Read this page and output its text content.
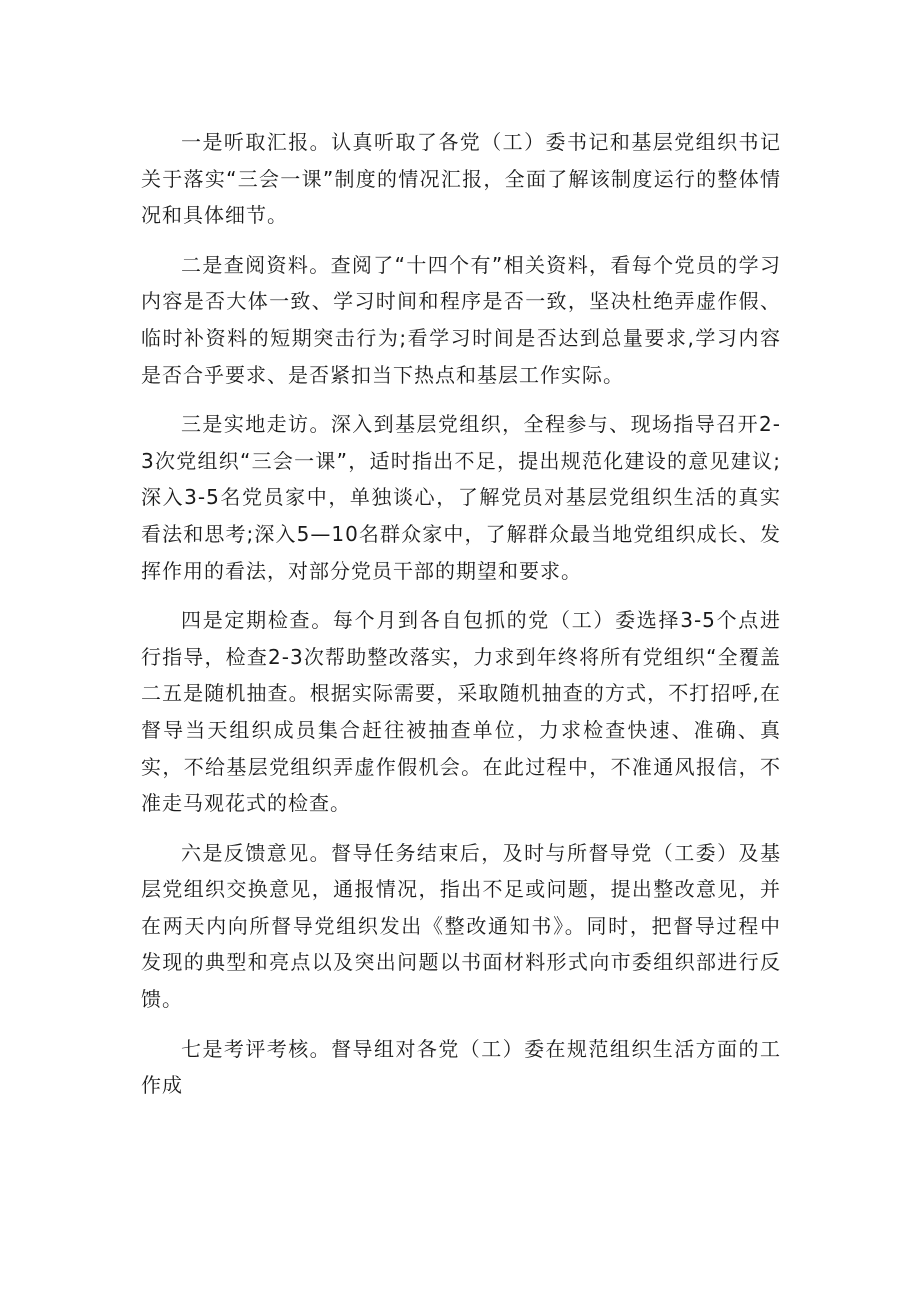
一是听取汇报。认真听取了各党（工）委书记和基层党组织书记关于落实“三会一课”制度的情况汇报，全面了解该制度运行的整体情况和具体细节。

二是查阅资料。查阅了“十四个有”相关资料，看每个党员的学习内容是否大体一致、学习时间和程序是否一致，坚决杜绝弄虚作假、临时补资料的短期突击行为;看学习时间是否达到总量要求,学习内容是否合乎要求、是否紧扣当下热点和基层工作实际。

三是实地走访。深入到基层党组织，全程参与、现场指导召开2-3次党组织“三会一课”，适时指出不足，提出规范化建设的意见建议;深入3-5名党员家中，单独谈心，了解党员对基层党组织生活的真实看法和思考;深入5—10名群众家中，了解群众最当地党组织成长、发挥作用的看法，对部分党员干部的期望和要求。

四是定期检查。每个月到各自包抓的党（工）委选择3-5个点进行指导，检查2-3次帮助整改落实，力求到年终将所有党组织“全覆盖二五是随机抽查。根据实际需要，采取随机抽查的方式，不打招呼,在督导当天组织成员集合赶往被抽查单位，力求检查快速、准确、真实，不给基层党组织弄虚作假机会。在此过程中，不准通风报信，不准走马观花式的检查。

六是反馈意见。督导任务结束后，及时与所督导党（工委）及基层党组织交换意见，通报情况，指出不足或问题，提出整改意见，并在两天内向所督导党组织发出《整改通知书》。同时，把督导过程中发现的典型和亮点以及突出问题以书面材料形式向市委组织部进行反馈。

七是考评考核。督导组对各党（工）委在规范组织生活方面的工作成
